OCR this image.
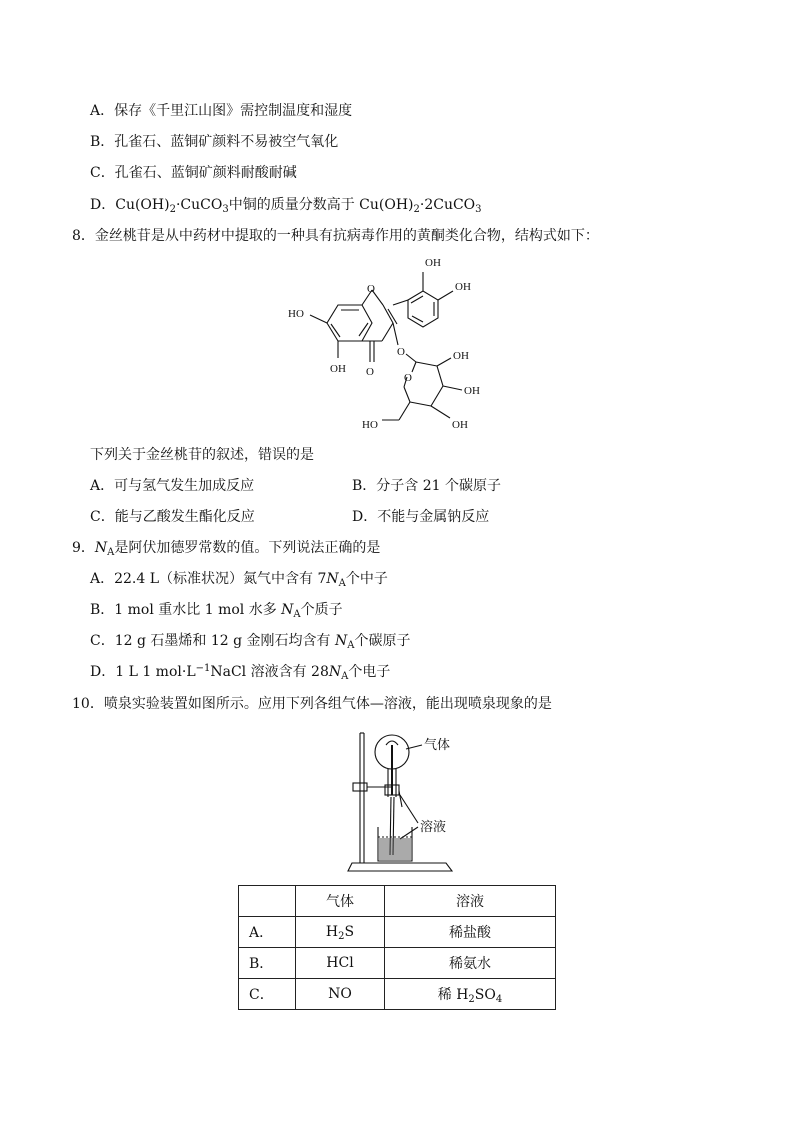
A．保存《千里江山图》需控制温度和湿度
B．孔雀石、蓝铜矿颜料不易被空气氧化
C．孔雀石、蓝铜矿颜料耐酸耐碱
D．$Cu(OH)_2\cdot CuCO_3$中铜的质量分数高于 $Cu(OH)_2\cdot 2CuCO_3$
8．金丝桃苷是从中药材中提取的一种具有抗病毒作用的黄酮类化合物，结构式如下：
OH
OH
HO
O
O
O
O
OH
OH
OH
OH
HO
下列关于金丝桃苷的叙述，错误的是
A．可与氢气发生加成反应	B．分子含 21 个碳原子
C．能与乙酸发生酯化反应	D．不能与金属钠反应
9．$N_A$是阿伏加德罗常数的值。下列说法正确的是
A．22.4 L（标准状况）氮气中含有 $7N_A$个中子
B．1 mol 重水比 1 mol 水多 $N_A$个质子
C．12 g 石墨烯和 12 g 金刚石均含有 $N_A$个碳原子
D．1 L 1 $mol\cdot L^{-1}NaCl$ 溶液含有 $28N_A$个电子
10．喷泉实验装置如图所示。应用下列各组气体—溶液，能出现喷泉现象的是
气体
溶液
	气体	溶液
A．	$H_2S$	稀盐酸
B．	HCl	稀氨水
C．	NO	稀 $H_2SO_4$
